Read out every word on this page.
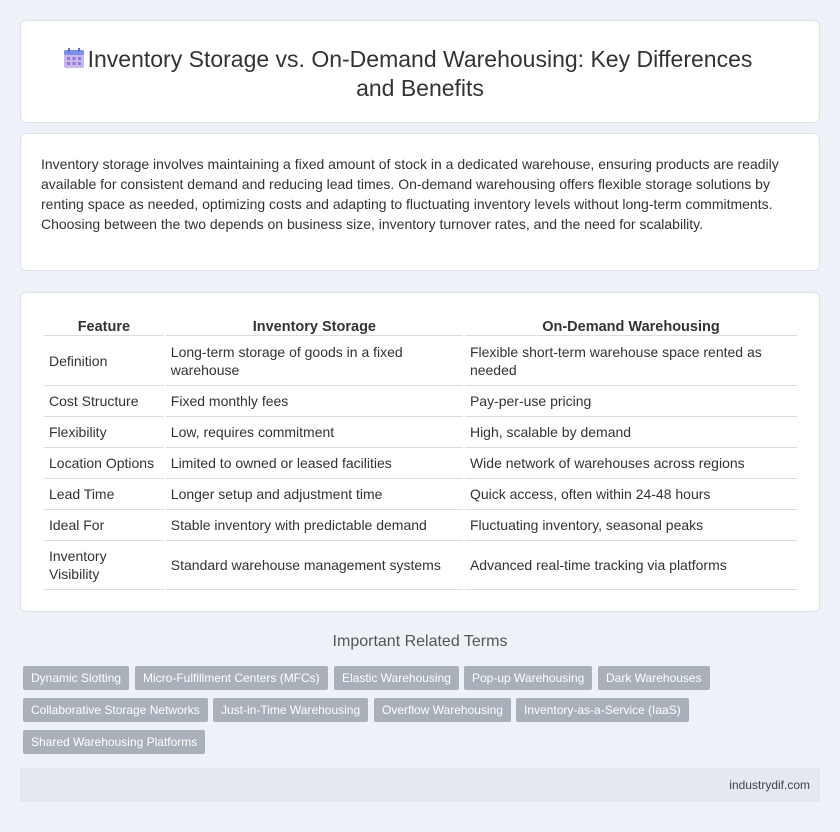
Inventory Storage vs. On-Demand Warehousing: Key Differences and Benefits

Inventory storage involves maintaining a fixed amount of stock in a dedicated warehouse, ensuring products are readily available for consistent demand and reducing lead times. On-demand warehousing offers flexible storage solutions by renting space as needed, optimizing costs and adapting to fluctuating inventory levels without long-term commitments. Choosing between the two depends on business size, inventory turnover rates, and the need for scalability.

Feature	Inventory Storage	On-Demand Warehousing
Definition	Long-term storage of goods in a fixed warehouse	Flexible short-term warehouse space rented as needed
Cost Structure	Fixed monthly fees	Pay-per-use pricing
Flexibility	Low, requires commitment	High, scalable by demand
Location Options	Limited to owned or leased facilities	Wide network of warehouses across regions
Lead Time	Longer setup and adjustment time	Quick access, often within 24-48 hours
Ideal For	Stable inventory with predictable demand	Fluctuating inventory, seasonal peaks
Inventory Visibility	Standard warehouse management systems	Advanced real-time tracking via platforms
Important Related Terms
Dynamic Slotting	Micro-Fulfillment Centers (MFCs)	Elastic Warehousing	Pop-up Warehousing	Dark Warehouses
Collaborative Storage Networks	Just-in-Time Warehousing	Overflow Warehousing	Inventory-as-a-Service (IaaS)
Shared Warehousing Platforms
industrydif.com
